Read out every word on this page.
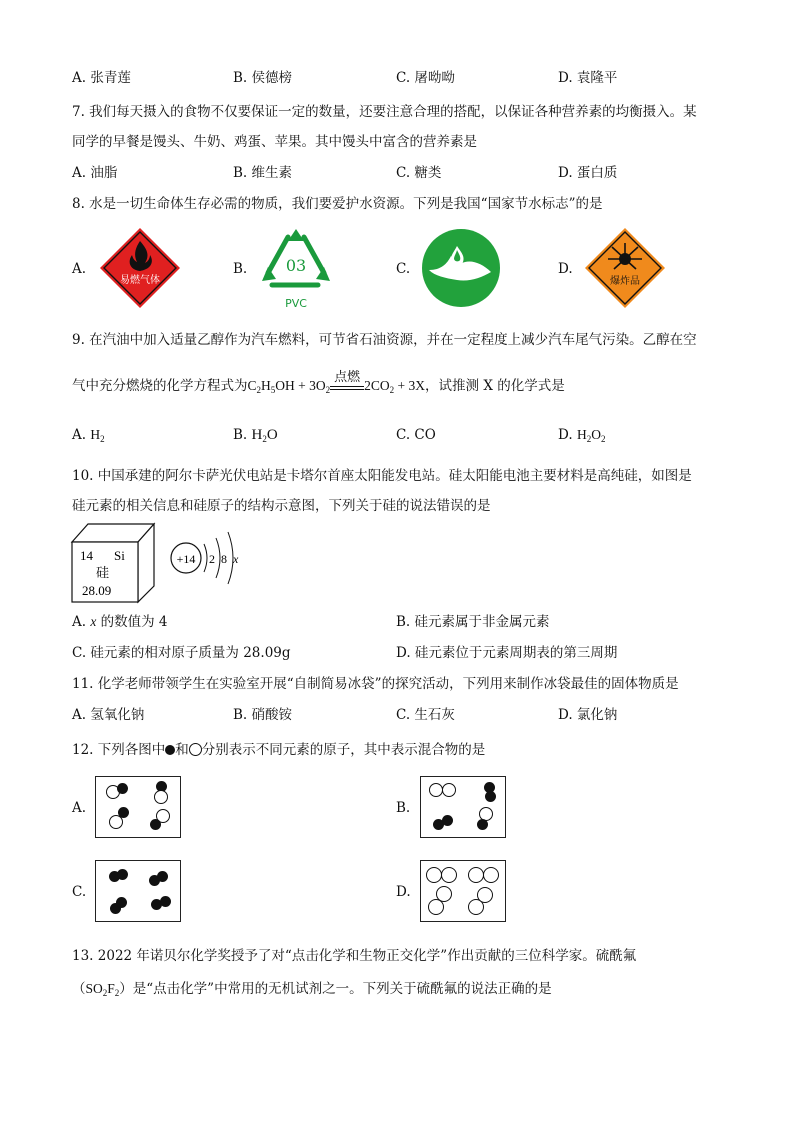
A. 张青莲	B. 侯德榜	C. 屠呦呦	D. 袁隆平
7. 我们每天摄入的食物不仅要保证一定的数量，还要注意合理的搭配，以保证各种营养素的均衡摄入。某
同学的早餐是馒头、牛奶、鸡蛋、苹果。其中馒头中富含的营养素是
A. 油脂	B. 维生素	C. 糖类	D. 蛋白质
8. 水是一切生命体生存必需的物质，我们要爱护水资源。下列是我国“国家节水标志”的是
A.	B.	C.	D.
易燃气体
03
PVC
爆炸品
9. 在汽油中加入适量乙醇作为汽车燃料，可节省石油资源，并在一定程度上减少汽车尾气污染。乙醇在空
气中充分燃烧的化学方程式为$C_2H_5OH + 3O_2$
点燃
$2CO_2 + 3X$，试推测 X 的化学式是
A. $H_2$	B. $H_2O$	C. CO	D. $H_2O_2$
10. 中国承建的阿尔卡萨光伏电站是卡塔尔首座太阳能发电站。硅太阳能电池主要材料是高纯硅，如图是
硅元素的相关信息和硅原子的结构示意图，下列关于硅的说法错误的是
14 Si
硅
28.09
+14 2 8 x
A. x 的数值为 4	B. 硅元素属于非金属元素
C. 硅元素的相对原子质量为 28.09g	D. 硅元素位于元素周期表的第三周期
11. 化学老师带领学生在实验室开展“自制简易冰袋”的探究活动，下列用来制作冰袋最佳的固体物质是
A. 氢氧化钠	B. 硝酸铵	C. 生石灰	D. 氯化钠
12. 下列各图中 和 分别表示不同元素的原子，其中表示混合物的是
A.	B.
C.	D.
13. 2022 年诺贝尔化学奖授予了对“点击化学和生物正交化学”作出贡献的三位科学家。硫酰氟
$(SO_2F_2)$是“点击化学”中常用的无机试剂之一。下列关于硫酰氟的说法正确的是
